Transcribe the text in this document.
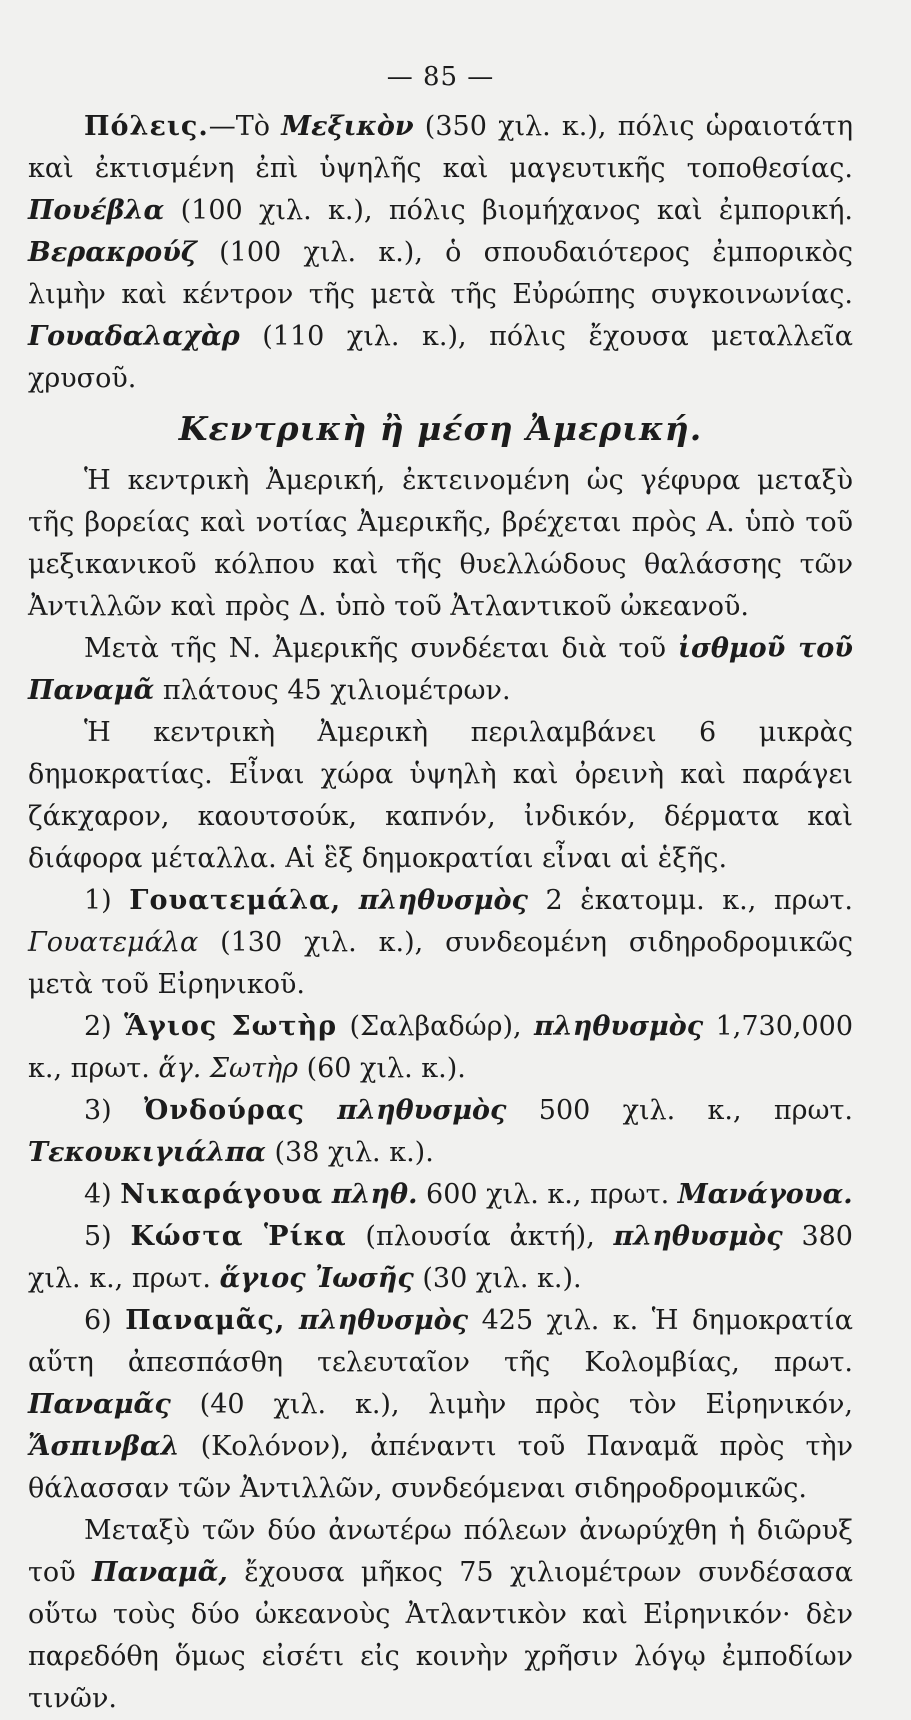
— 85 —

Πόλεις.—Τὸ Μεξικὸν (350 χιλ. κ.), πόλις ὡραιοτάτη καὶ ἐκτισμένη ἐπὶ ὑψηλῆς καὶ μαγευτικῆς τοποθεσίας. Πουέβλα (100 χιλ. κ.), πόλις βιομήχανος καὶ ἐμπορική. Βερακρούζ (100 χιλ. κ.), ὁ σπουδαιότερος ἐμπορικὸς λιμὴν καὶ κέντρον τῆς μετὰ τῆς Εὐρώπης συγκοινωνίας. Γουαδαλαχὰρ (110 χιλ. κ.), πόλις ἔχουσα μεταλλεῖα χρυσοῦ.

Κεντρικὴ ἢ μέση Ἀμερική.

Ἡ κεντρικὴ Ἀμερική, ἐκτεινομένη ὡς γέφυρα μεταξὺ τῆς βορείας καὶ νοτίας Ἀμερικῆς, βρέχεται πρὸς Α. ὑπὸ τοῦ μεξικανικοῦ κόλπου καὶ τῆς θυελλώδους θαλάσσης τῶν Ἀντιλλῶν καὶ πρὸς Δ. ὑπὸ τοῦ Ἀτλαντικοῦ ὠκεανοῦ.

Μετὰ τῆς Ν. Ἀμερικῆς συνδέεται διὰ τοῦ ἰσθμοῦ τοῦ Παναμᾶ πλάτους 45 χιλιομέτρων.

Ἡ κεντρικὴ Ἀμερικὴ περιλαμβάνει 6 μικρὰς δημοκρατίας. Εἶναι χώρα ὑψηλὴ καὶ ὀρεινὴ καὶ παράγει ζάκχαρον, καουτσούκ, καπνόν, ἰνδικόν, δέρματα καὶ διάφορα μέταλλα. Αἱ ἓξ δημοκρατίαι εἶναι αἱ ἑξῆς.

1) Γουατεμάλα, πληθυσμὸς 2 ἑκατομμ. κ., πρωτ. Γουατεμάλα (130 χιλ. κ.), συνδεομένη σιδηροδρομικῶς μετὰ τοῦ Εἰρηνικοῦ.

2) Ἅγιος Σωτὴρ (Σαλβαδώρ), πληθυσμὸς 1,730,000 κ., πρωτ. ἅγ. Σωτὴρ (60 χιλ. κ.).

3) Ὀνδούρας πληθυσμὸς 500 χιλ. κ., πρωτ. Τεκουκιγιάλπα (38 χιλ. κ.).

4) Νικαράγουα πληθ. 600 χιλ. κ., πρωτ. Μανάγουα.

5) Κώστα Ῥίκα (πλουσία ἀκτή), πληθυσμὸς 380 χιλ. κ., πρωτ. ἅγιος Ἰωσῆς (30 χιλ. κ.).

6) Παναμᾶς, πληθυσμὸς 425 χιλ. κ. Ἡ δημοκρατία αὕτη ἀπεσπάσθη τελευταῖον τῆς Κολομβίας, πρωτ. Παναμᾶς (40 χιλ. κ.), λιμὴν πρὸς τὸν Εἰρηνικόν, Ἄσπινβαλ (Κολόνον), ἀπέναντι τοῦ Παναμᾶ πρὸς τὴν θάλασσαν τῶν Ἀντιλλῶν, συνδεόμεναι σιδηροδρομικῶς.

Μεταξὺ τῶν δύο ἀνωτέρω πόλεων ἀνωρύχθη ἡ διῶρυξ τοῦ Παναμᾶ, ἔχουσα μῆκος 75 χιλιομέτρων συνδέσασα οὕτω τοὺς δύο ὠκεανοὺς Ἀτλαντικὸν καὶ Εἰρηνικόν· δὲν παρεδόθη ὅμως εἰσέτι εἰς κοινὴν χρῆσιν λόγῳ ἐμποδίων τινῶν.
